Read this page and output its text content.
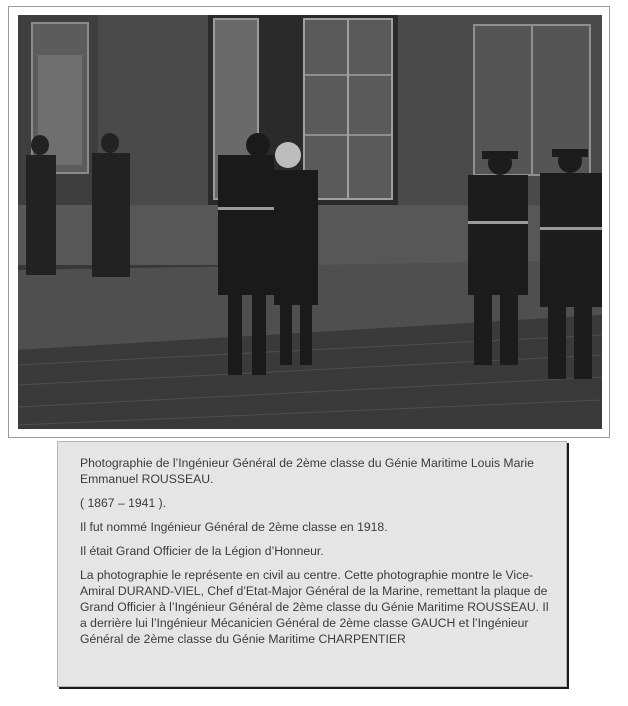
Photographie de l’Ingénieur Général de 2ème classe du Génie Maritime Louis Marie Emmanuel ROUSSEAU.

( 1867 – 1941 ).

Il fut nommé Ingénieur Général de 2ème classe en 1918.

Il était Grand Officier de la Légion d’Honneur.

La photographie le représente en civil au centre. Cette photographie montre le Vice-Amiral DURAND-VIEL, Chef d’Etat-Major Général de la Marine, remettant la plaque de Grand Officier à l’Ingénieur Général de 2ème classe du Génie Maritime ROUSSEAU. Il a derrière lui l’Ingénieur Mécanicien Général de 2ème classe GAUCH et l’Ingénieur Général de 2ème classe du Génie Maritime CHARPENTIER
